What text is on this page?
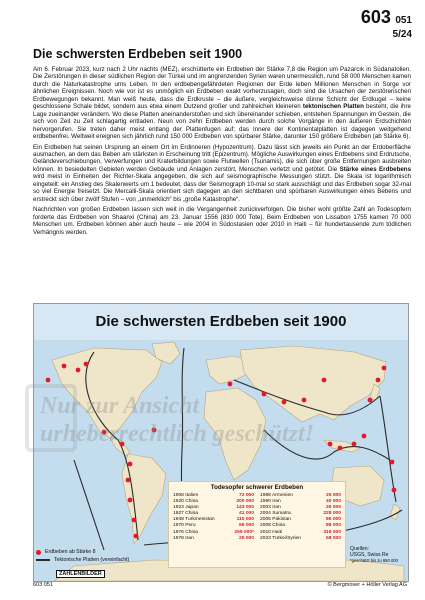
603 051
5/24
Die schwersten Erdbeben seit 1900

Am 6. Februar 2023, kurz nach 2 Uhr nachts (MEZ), erschütterte ein Erdbeben der Stärke 7,8 die Region um Pazarcık in Südanatolien. Die Zerstörungen in dieser südlichen Region der Türkei und im angrenzenden Syrien waren unermesslich, rund 58 000 Menschen kamen durch die Naturkatastrophe ums Leben. In den erdbebengefährdeten Regionen der Erde leben Millionen Menschen in Sorge vor ähnlichen Ereignissen. Noch wie vor ist es unmöglich ein Erdbeben exakt vorherzusagen, doch sind die Ursachen der zerstörerischen Erdbewegungen bekannt. Man weiß heute, dass die Erdkruste – die äußere, vergleichsweise dünne Schicht der Erdkugel – keine geschlossene Schale bildet, sondern aus etwa einem Dutzend großer und zahlreichen kleineren tektonischen Platten besteht, die ihre Lage zueinander verändern. Wo diese Platten aneinanderstoßen und sich übereinander schieben, entstehen Spannungen im Gestein, die sich von Zeit zu Zeit schlagartig entladen. Neun von zehn Erdbeben werden durch solche Vorgänge in den äußeren Erdschichten hervorgerufen. Sie treten daher meist entlang der Plattenfugen auf; das Innere der Kontinentalplatten ist dagegen weitgehend erdbebenfrei. Weltweit ereignen sich jährlich rund 150 000 Erdbeben von spürbarer Stärke, darunter 150 größere Erdbeben (ab Stärke 6).

Ein Erdbeben hat seinen Ursprung an einem Ort im Erdinneren (Hypozentrum). Dazu lässt sich jeweils ein Punkt an der Erdoberfläche ausmachen, an dem das Beben am stärksten in Erscheinung tritt (Epizentrum). Mögliche Auswirkungen eines Erdbebens sind Erdrutsche, Geländeverschiebungen, Verwerfungen und Kraterbildungen sowie Flutwellen (Tsunamis), die sich über große Entfernungen ausbreiten können. In besiedelten Gebieten werden Gebäude und Anlagen zerstört, Menschen verletzt und getötet. Die Stärke eines Erdbebens wird meist in Einheiten der Richter-Skala angegeben, die sich auf seismographische Messungen stützt. Die Skala ist logarithmisch eingeteilt: ein Anstieg des Skalenwerts um 1 bedeutet, dass der Seismograph 10-mal so stark ausschlägt und das Erdbeben sogar 32-mal so viel Energie freisetzt. Die Mercalli-Skala orientiert sich dagegen an den sichtbaren und spürbaren Auswirkungen eines Bebens und erstreckt sich über zwölf Stufen – von „unmerklich“ bis „große Katastrophe“.

Nachrichten von großen Erdbeben lassen sich weit in die Vergangenheit zurückverfolgen. Die bisher wohl größte Zahl an Todesopfern forderte das Erdbeben von Shaanxi (China) am 23. Januar 1556 (830 000 Tote). Beim Erdbeben von Lissabon 1755 kamen 70 000 Menschen um. Erdbeben können aber auch heute – wie 2004 in Südostasien oder 2010 in Haiti – für hundertausende zum tödlichen Verhängnis werden.

Die schwersten Erdbeben seit 1900
Nur zur Ansicht
urheberrechtlich geschützt!
Todesopfer schwerer Erdbeben
1908 Italien	72 000
1920 China	200 000
1923 Japan	143 000
1927 China	41 000
1948 Turkmenistan	110 000
1970 Peru	66 000
1976 China	255 000*
1978 Iran	25 000
1988 Armenien	25 000
1990 Iran	40 000
2003 Iran	26 000
2004 Sumatra	228 000
2005 Pakistan	86 000
2008 China	88 000
2010 Haiti	316 000
2023 Türkei/Syrien	58 000
Erdbeben ab Stärke 8
Tektonische Platten (vereinfacht)
Quellen:
USGS, Swiss Re
*geschätzt bis zu 650 000
ZAHLENBILDER
603 051	© Bergmoser + Höller Verlag AG
